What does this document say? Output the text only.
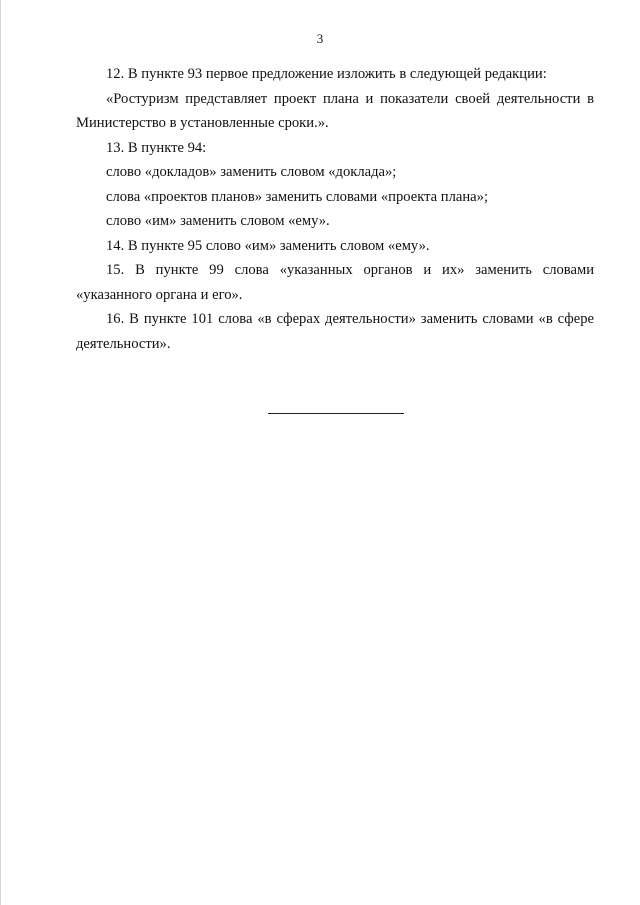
3

12. В пункте 93 первое предложение изложить в следующей редакции:

«Ростуризм представляет проект плана и показатели своей деятельности в Министерство в установленные сроки.».

13. В пункте 94:

слово «докладов» заменить словом «доклада»;

слова «проектов планов» заменить словами «проекта плана»;

слово «им» заменить словом «ему».

14. В пункте 95 слово «им» заменить словом «ему».

15. В пункте 99 слова «указанных органов и их» заменить словами «указанного органа и его».

16. В пункте 101 слова «в сферах деятельности» заменить словами «в сфере деятельности».
